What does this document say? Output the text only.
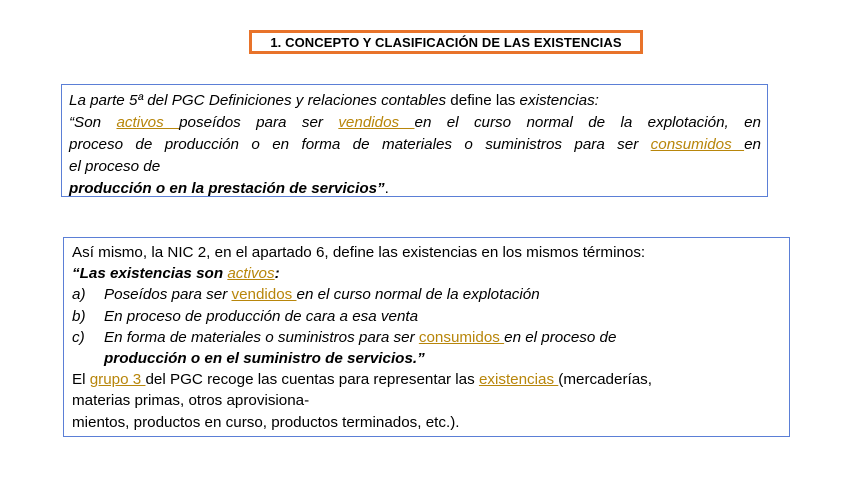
1. CONCEPTO Y CLASIFICACIÓN DE LAS EXISTENCIAS
La parte 5ª del PGC Definiciones y relaciones contables define las existencias:
“Son activos poseídos para ser vendidos en el curso normal de la explotación, en
proceso de producción o en forma de materiales o suministros para ser consumidos en
el proceso de
producción o en la prestación de servicios”.
Así mismo, la NIC 2, en el apartado 6, define las existencias en los mismos términos:
“Las existencias son activos:
a)	Poseídos para ser vendidos en el curso normal de la explotación
b)	En proceso de producción de cara a esa venta
c)	En forma de materiales o suministros para ser consumidos en el proceso de
producción o en el suministro de servicios.”
El grupo 3 del PGC recoge las cuentas para representar las existencias (mercaderías,
materias primas, otros aprovisiona-
mientos, productos en curso, productos terminados, etc.).
